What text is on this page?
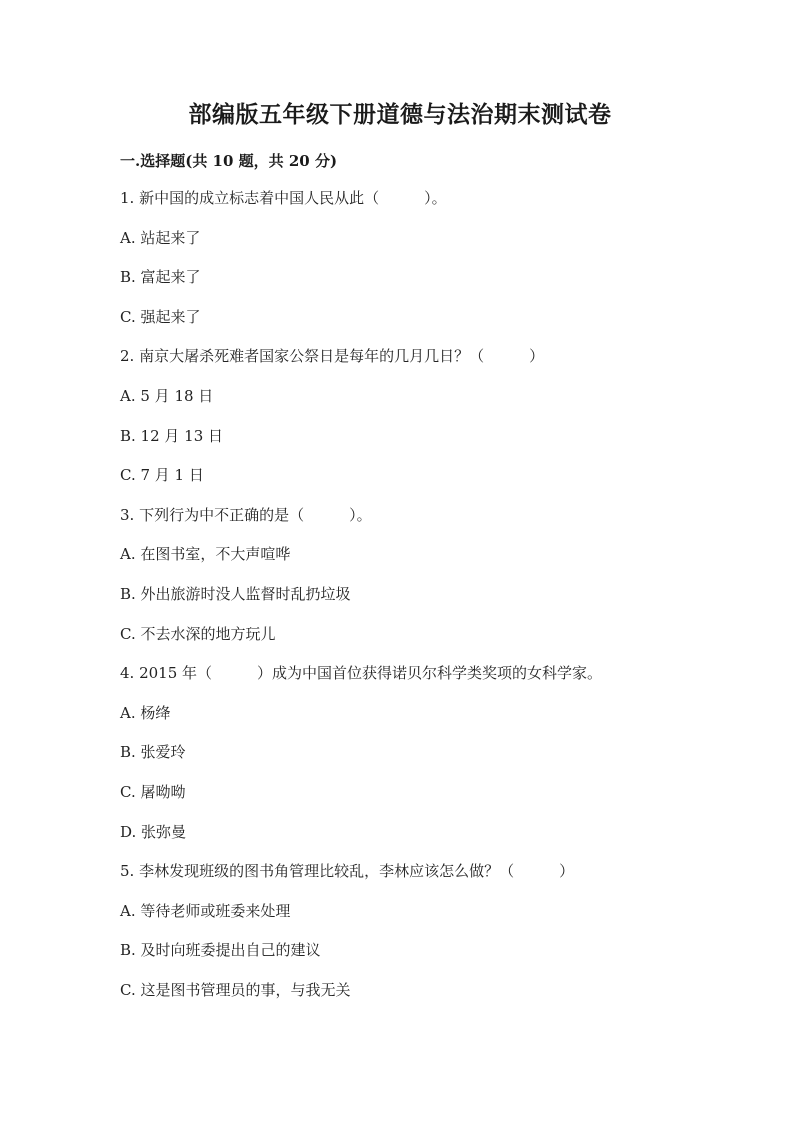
部编版五年级下册道德与法治期末测试卷
一.选择题(共 10 题，共 20 分)
1. 新中国的成立标志着中国人民从此（　　　）。
A. 站起来了
B. 富起来了
C. 强起来了
2. 南京大屠杀死难者国家公祭日是每年的几月几日？（　　　）
A. 5 月 18 日
B. 12 月 13 日
C. 7 月 1 日
3. 下列行为中不正确的是（　　　）。
A. 在图书室，不大声喧哗
B. 外出旅游时没人监督时乱扔垃圾
C. 不去水深的地方玩儿
4. 2015 年（　　　）成为中国首位获得诺贝尔科学类奖项的女科学家。
A. 杨绛
B. 张爱玲
C. 屠呦呦
D. 张弥曼
5. 李林发现班级的图书角管理比较乱，李林应该怎么做？（　　　）
A. 等待老师或班委来处理
B. 及时向班委提出自己的建议
C. 这是图书管理员的事，与我无关
